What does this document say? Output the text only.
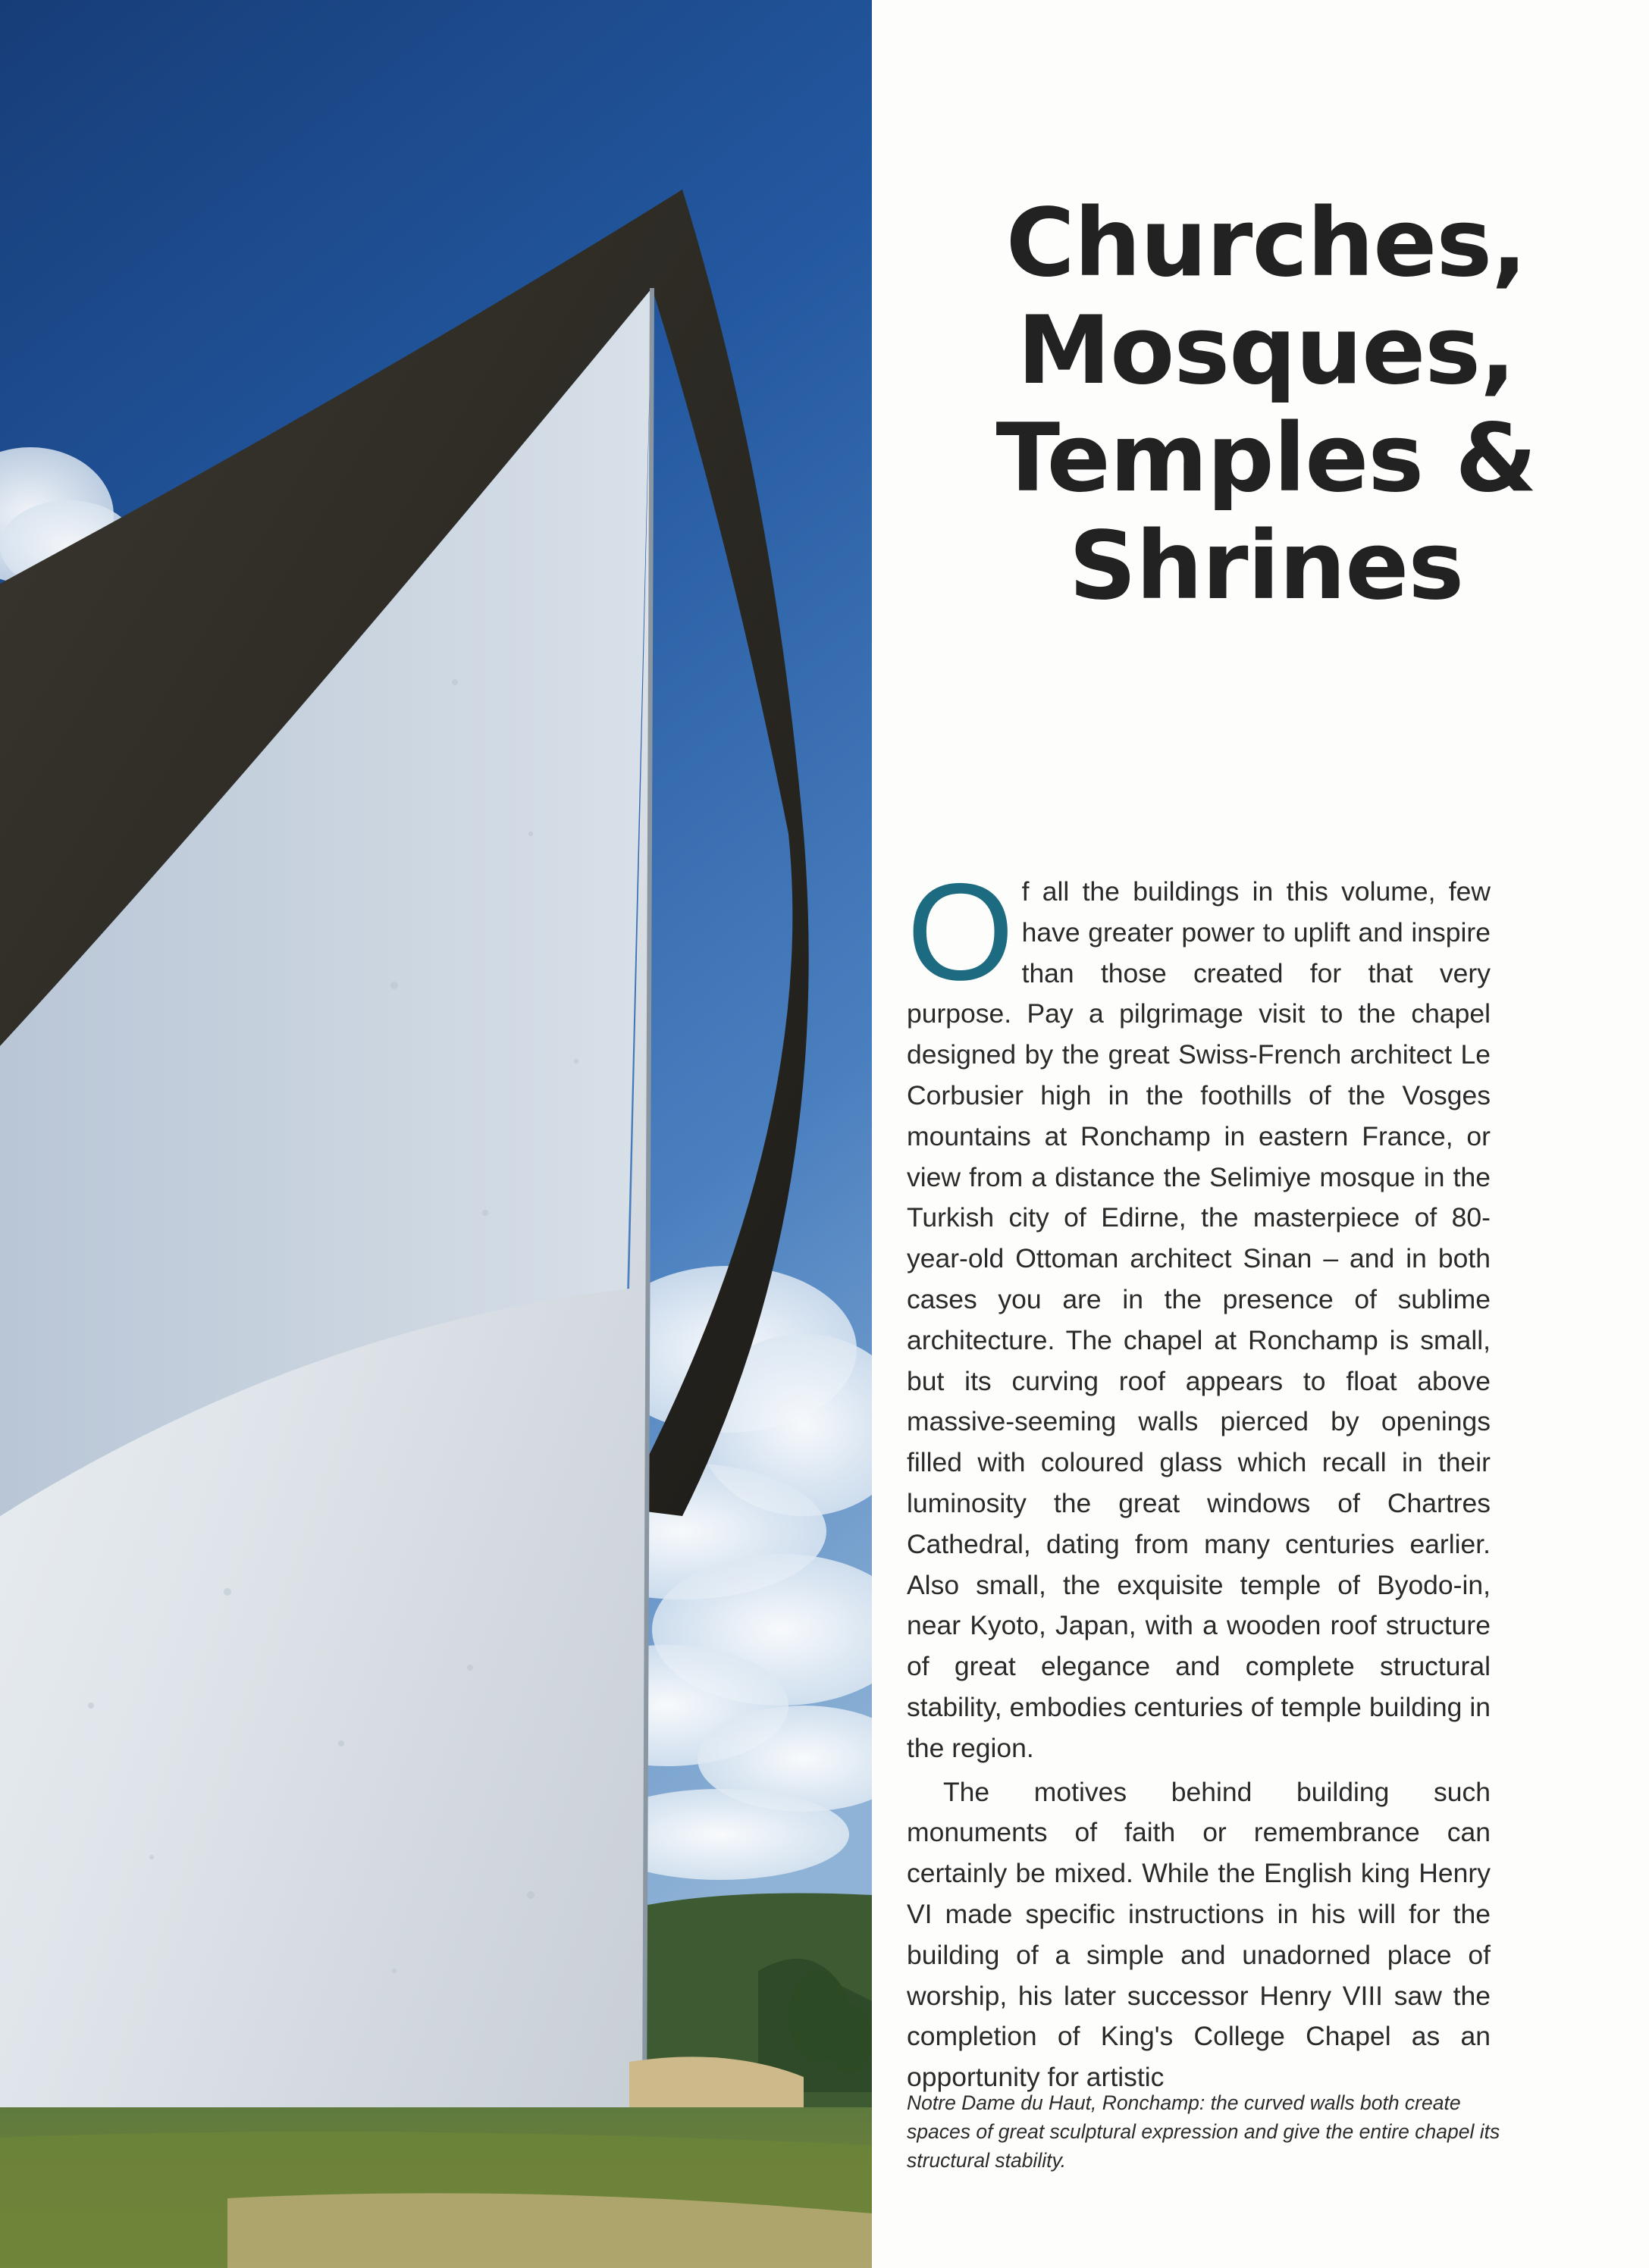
Churches,
Mosques,
Temples &
Shrines

Of all the buildings in this volume, few have greater power to uplift and inspire than those created for that very purpose. Pay a pilgrimage visit to the chapel designed by the great Swiss-French architect Le Corbusier high in the foothills of the Vosges mountains at Ronchamp in eastern France, or view from a distance the Selimiye mosque in the Turkish city of Edirne, the masterpiece of 80-year-old Ottoman architect Sinan – and in both cases you are in the presence of sublime architecture. The chapel at Ronchamp is small, but its curving roof appears to float above massive-seeming walls pierced by openings filled with coloured glass which recall in their luminosity the great windows of Chartres Cathedral, dating from many centuries earlier. Also small, the exquisite temple of Byodo-in, near Kyoto, Japan, with a wooden roof structure of great elegance and complete structural stability, embodies centuries of temple building in the region.

The motives behind building such monuments of faith or remembrance can certainly be mixed. While the English king Henry VI made specific instructions in his will for the building of a simple and unadorned place of worship, his later successor Henry VIII saw the completion of King's College Chapel as an opportunity for artistic

Notre Dame du Haut, Ronchamp: the curved walls both create spaces of great sculptural expression and give the entire chapel its structural stability.
